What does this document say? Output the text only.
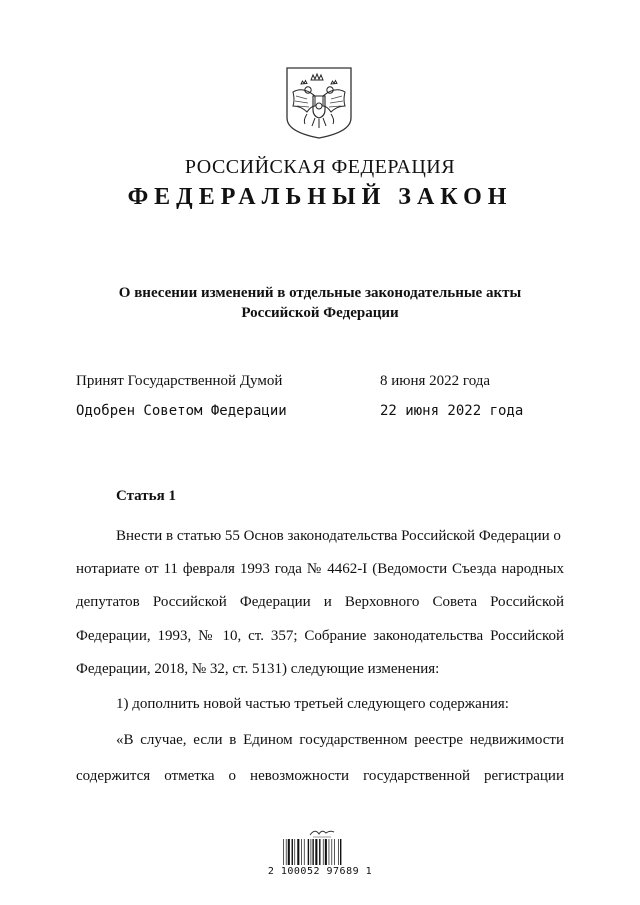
РОССИЙСКАЯ ФЕДЕРАЦИЯ
ФЕДЕРАЛЬНЫЙ ЗАКОН
О внесении изменений в отдельные законодательные акты
Российской Федерации
Принят Государственной Думой	8 июня 2022 года
Одобрен Советом Федерации	22 июня 2022 года
Статья 1
Внести в статью 55 Основ законодательства Российской Федерации о
нотариате от 11 февраля 1993 года № 4462-I (Ведомости Съезда народных
депутатов Российской Федерации и Верховного Совета Российской
Федерации, 1993, № 10, ст. 357; Собрание законодательства Российской
Федерации, 2018, № 32, ст. 5131) следующие изменения:
1) дополнить новой частью третьей следующего содержания:
«В случае, если в Едином государственном реестре недвижимости
содержится отметка о невозможности государственной регистрации
2 100052 97689 1
